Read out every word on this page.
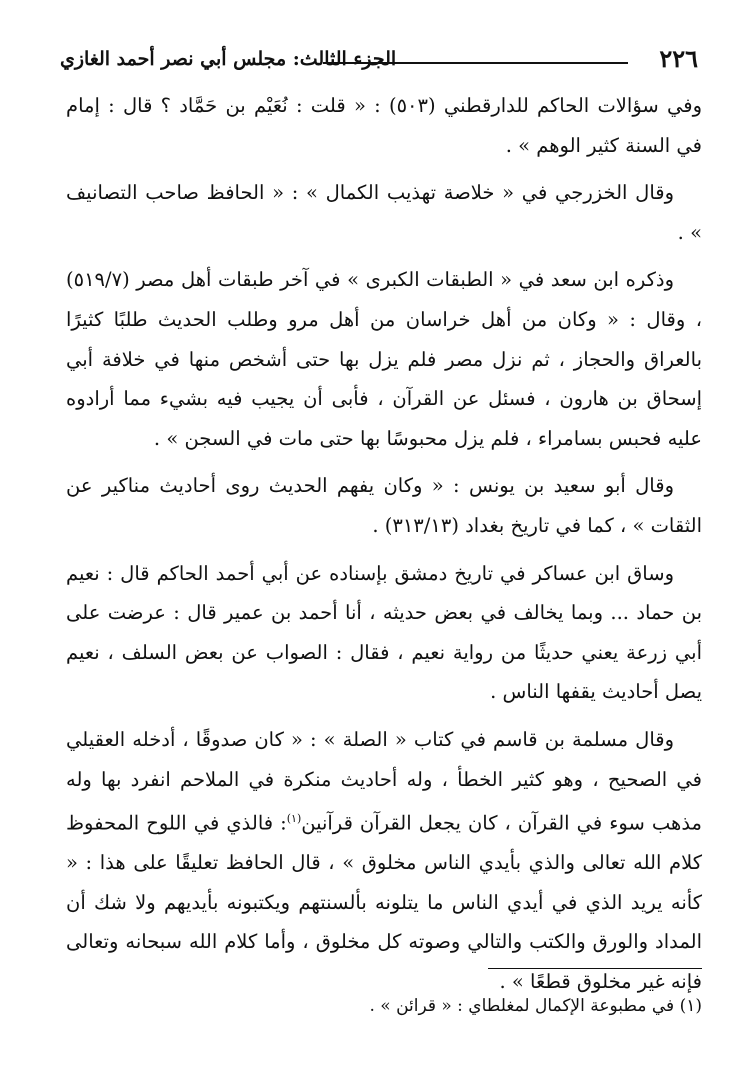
٢٢٦
الجزء الثالث: مجلس أبي نصر أحمد الغازي

وفي سؤالات الحاكم للدارقطني (٥٠٣) : « قلت : نُعَيْم بن حَمَّاد ؟ قال : إمام في السنة كثير الوهم » .

وقال الخزرجي في « خلاصة تهذيب الكمال » : « الحافظ صاحب التصانيف » .

وذكره ابن سعد في « الطبقات الكبرى » في آخر طبقات أهل مصر (٥١٩/٧) ، وقال : « وكان من أهل خراسان من أهل مرو وطلب الحديث طلبًا كثيرًا بالعراق والحجاز ، ثم نزل مصر فلم يزل بها حتى أشخص منها في خلافة أبي إسحاق بن هارون ، فسئل عن القرآن ، فأبى أن يجيب فيه بشيء مما أرادوه عليه فحبس بسامراء ، فلم يزل محبوسًا بها حتى مات في السجن » .

وقال أبو سعيد بن يونس : « وكان يفهم الحديث روى أحاديث مناكير عن الثقات » ، كما في تاريخ بغداد (٣١٣/١٣) .

وساق ابن عساكر في تاريخ دمشق بإسناده عن أبي أحمد الحاكم قال : نعيم بن حماد ... وبما يخالف في بعض حديثه ، أنا أحمد بن عمير قال : عرضت على أبي زرعة يعني حديثًا من رواية نعيم ، فقال : الصواب عن بعض السلف ، نعيم يصل أحاديث يقفها الناس .

وقال مسلمة بن قاسم في كتاب « الصلة » : « كان صدوقًا ، أدخله العقيلي في الصحيح ، وهو كثير الخطأ ، وله أحاديث منكرة في الملاحم انفرد بها وله مذهب سوء في القرآن ، كان يجعل القرآن قرآنين$^{(١)}$: فالذي في اللوح المحفوظ كلام الله تعالى والذي بأيدي الناس مخلوق » ، قال الحافظ تعليقًا على هذا : « كأنه يريد الذي في أيدي الناس ما يتلونه بألسنتهم ويكتبونه بأيديهم ولا شك أن المداد والورق والكتب والتالي وصوته كل مخلوق ، وأما كلام الله سبحانه وتعالى فإنه غير مخلوق قطعًا » .

(١) في مطبوعة الإكمال لمغلطاي : « قرائن » .
